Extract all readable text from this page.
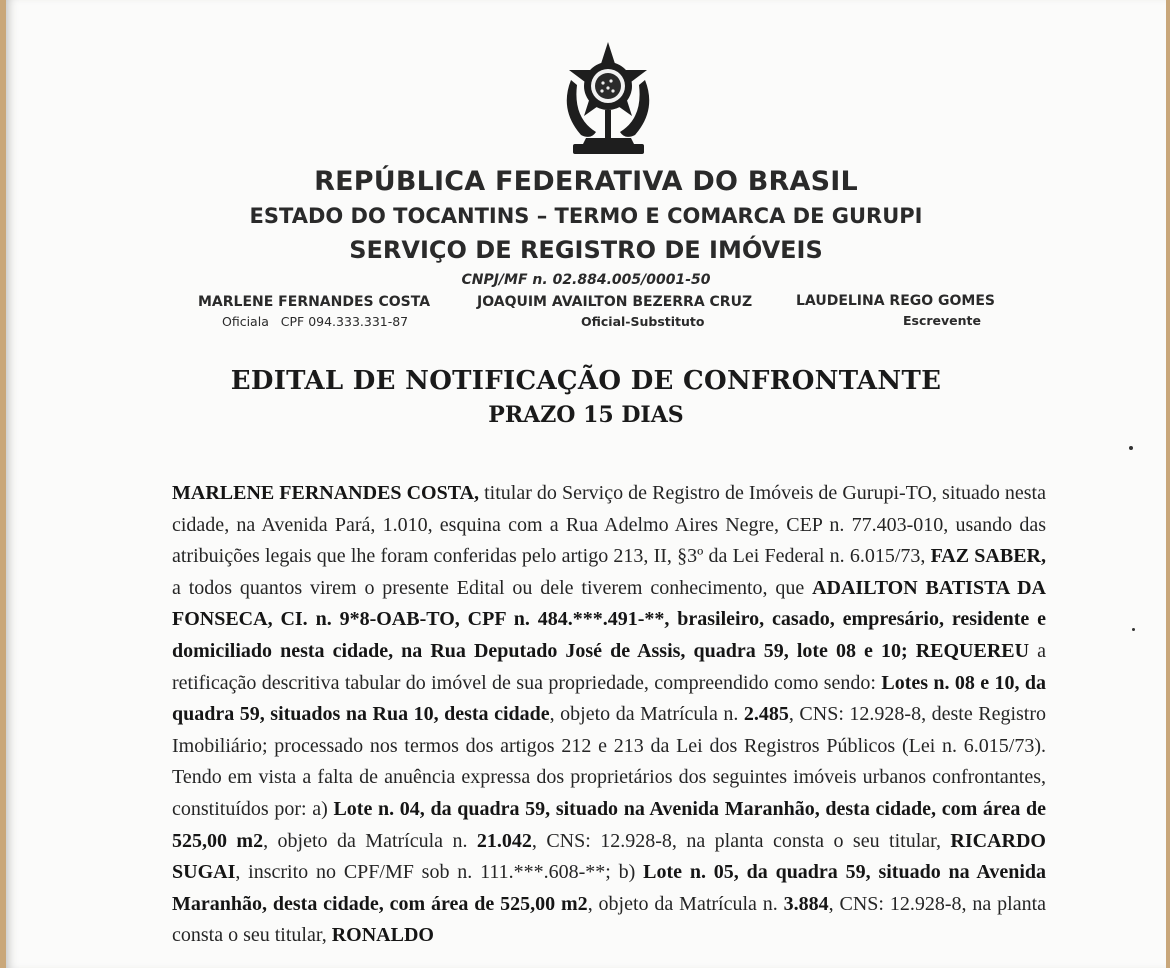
REPÚBLICA FEDERATIVA DO BRASIL
ESTADO DO TOCANTINS – TERMO E COMARCA DE GURUPI
SERVIÇO DE REGISTRO DE IMÓVEIS
CNPJ/MF n. 02.884.005/0001-50
MARLENE FERNANDES COSTA
Oficiala   CPF 094.333.331-87
JOAQUIM AVAILTON BEZERRA CRUZ
Oficial-Substituto
LAUDELINA REGO GOMES
Escrevente
EDITAL DE NOTIFICAÇÃO DE CONFRONTANTE
PRAZO 15 DIAS
MARLENE FERNANDES COSTA, titular do Serviço de Registro de Imóveis de Gurupi-TO, situado nesta cidade, na Avenida Pará, 1.010, esquina com a Rua Adelmo Aires Negre, CEP n. 77.403-010, usando das atribuições legais que lhe foram conferidas pelo artigo 213, II, §3º da Lei Federal n. 6.015/73, FAZ SABER, a todos quantos virem o presente Edital ou dele tiverem conhecimento, que ADAILTON BATISTA DA FONSECA, CI. n. 9*8-OAB-TO, CPF n. 484.***.491-**, brasileiro, casado, empresário, residente e domiciliado nesta cidade, na Rua Deputado José de Assis, quadra 59, lote 08 e 10; REQUEREU a retificação descritiva tabular do imóvel de sua propriedade, compreendido como sendo: Lotes n. 08 e 10, da quadra 59, situados na Rua 10, desta cidade, objeto da Matrícula n. 2.485, CNS: 12.928-8, deste Registro Imobiliário; processado nos termos dos artigos 212 e 213 da Lei dos Registros Públicos (Lei n. 6.015/73). Tendo em vista a falta de anuência expressa dos proprietários dos seguintes imóveis urbanos confrontantes, constituídos por: a) Lote n. 04, da quadra 59, situado na Avenida Maranhão, desta cidade, com área de 525,00 m2, objeto da Matrícula n. 21.042, CNS: 12.928-8, na planta consta o seu titular, RICARDO SUGAI, inscrito no CPF/MF sob n. 111.***.608-**; b) Lote n. 05, da quadra 59, situado na Avenida Maranhão, desta cidade, com área de 525,00 m2, objeto da Matrícula n. 3.884, CNS: 12.928-8, na planta consta o seu titular, RONALDO
